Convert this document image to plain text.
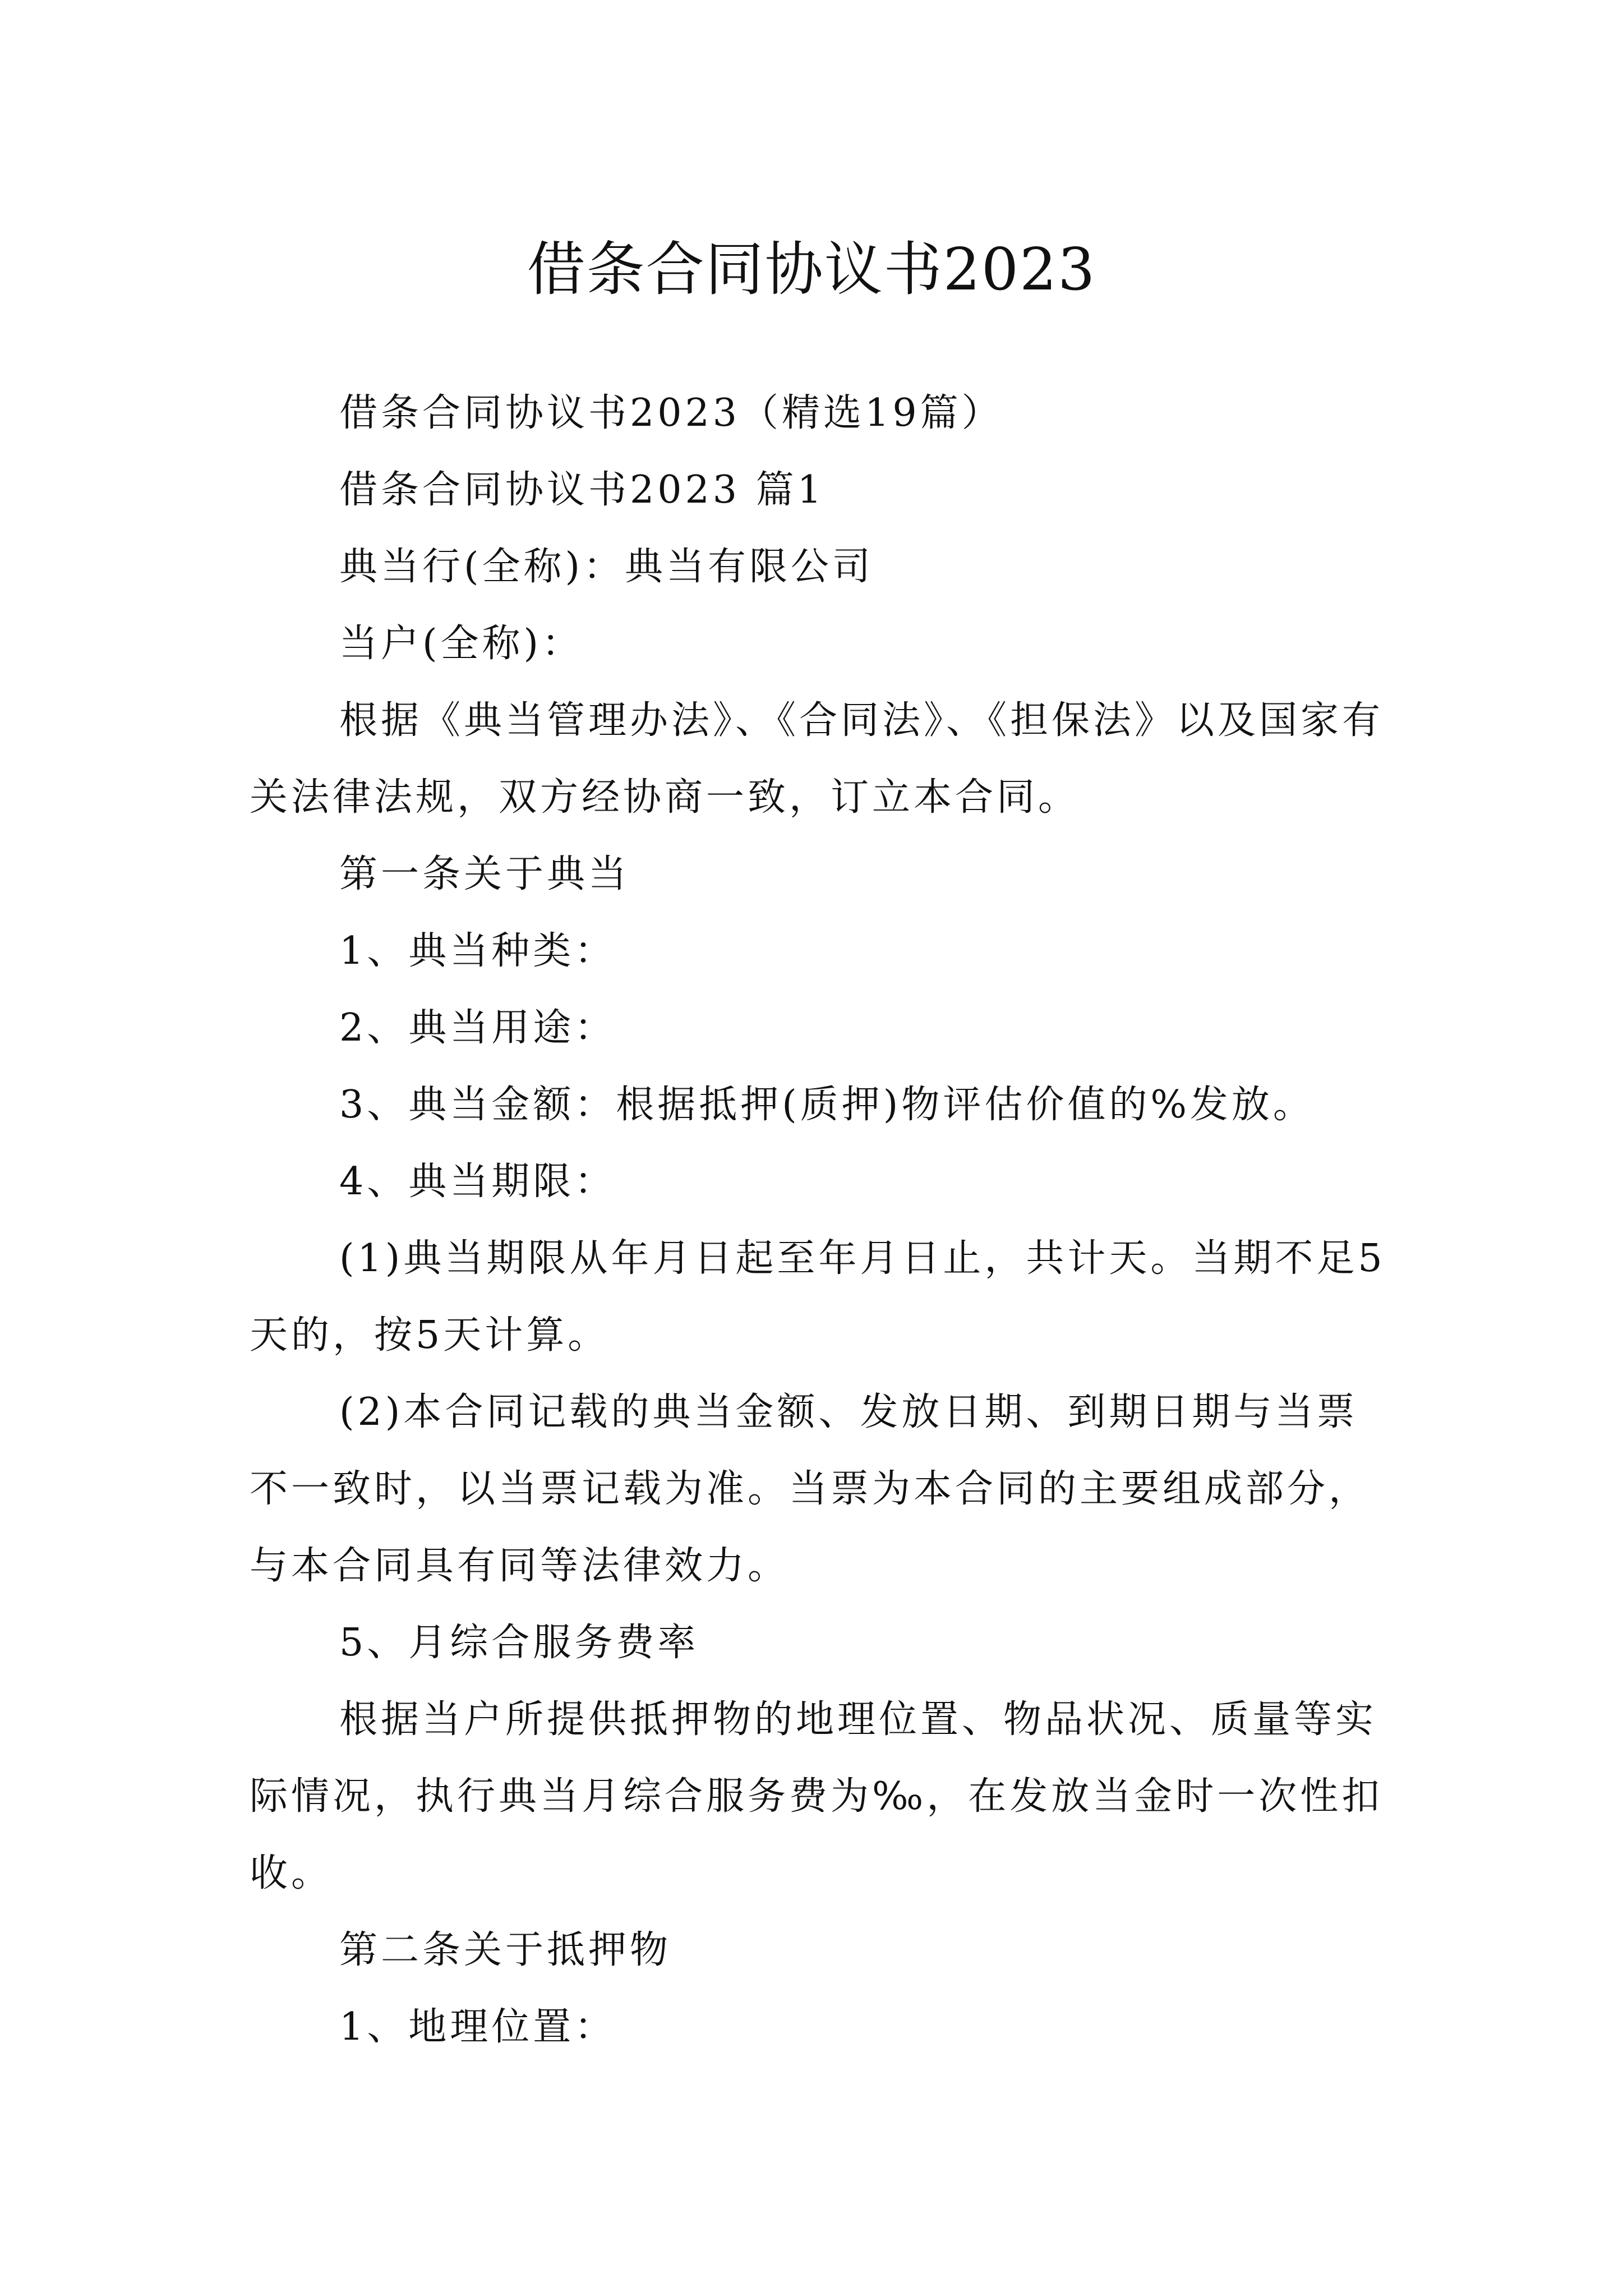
借条合同协议书2023

借条合同协议书2023（精选19篇）

借条合同协议书2023 篇1

典当行(全称)：典当有限公司

当户(全称)：

根据《典当管理办法》、《合同法》、《担保法》以及国家有关法律法规，双方经协商一致，订立本合同。

第一条关于典当

1、典当种类：

2、典当用途：

3、典当金额：根据抵押(质押)物评估价值的%发放。

4、典当期限：

(1)典当期限从年月日起至年月日止，共计天。当期不足5天的，按5天计算。

(2)本合同记载的典当金额、发放日期、到期日期与当票不一致时，以当票记载为准。当票为本合同的主要组成部分，与本合同具有同等法律效力。

5、月综合服务费率

根据当户所提供抵押物的地理位置、物品状况、质量等实际情况，执行典当月综合服务费为‰，在发放当金时一次性扣收。

第二条关于抵押物

1、地理位置：
